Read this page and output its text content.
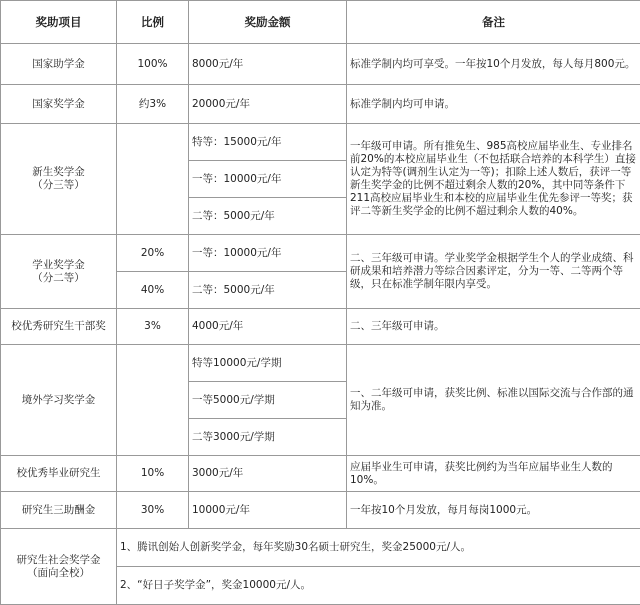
奖助项目	比例	奖励金额	备注
国家助学金	100%	8000元/年	标准学制内均可享受。一年按10个月发放，每人每月800元。
国家奖学金	约3%	20000元/年	标准学制内均可申请。

新生奖学金
（分三等）		特等：15000元/年	一年级可申请。所有推免生、985高校应届毕业生、专业排名前20%的本校应届毕业生（不包括联合培养的本科学生）直接认定为特等(调剂生认定为一等)；扣除上述人数后，获评一等新生奖学金的比例不超过剩余人数的20%，其中同等条件下211高校应届毕业生和本校的应届毕业生优先参评一等奖；获评二等新生奖学金的比例不超过剩余人数的40%。
		一等：10000元/年	
		二等：5000元/年	

学业奖学金
（分二等）	20%	一等：10000元/年	二、三年级可申请。学业奖学金根据学生个人的学业成绩、科研成果和培养潜力等综合因素评定，分为一等、二等两个等级，只在标准学制年限内享受。
	40%	二等：5000元/年	
校优秀研究生干部奖	3%	4000元/年	二、三年级可申请。
境外学习奖学金		特等10000元/学期	一、二年级可申请，获奖比例、标准以国际交流与合作部的通知为准。
		一等5000元/学期	
		二等3000元/学期	
校优秀毕业研究生	10%	3000元/年	应届毕业生可申请，获奖比例约为当年应届毕业生人数的10%。
研究生三助酬金	30%	10000元/年	一年按10个月发放，每月每岗1000元。

研究生社会奖学金
（面向全校）	1、腾讯创始人创新奖学金，每年奖励30名硕士研究生，奖金25000元/人。		
	2、“好日子奖学金”，奖金10000元/人。		
